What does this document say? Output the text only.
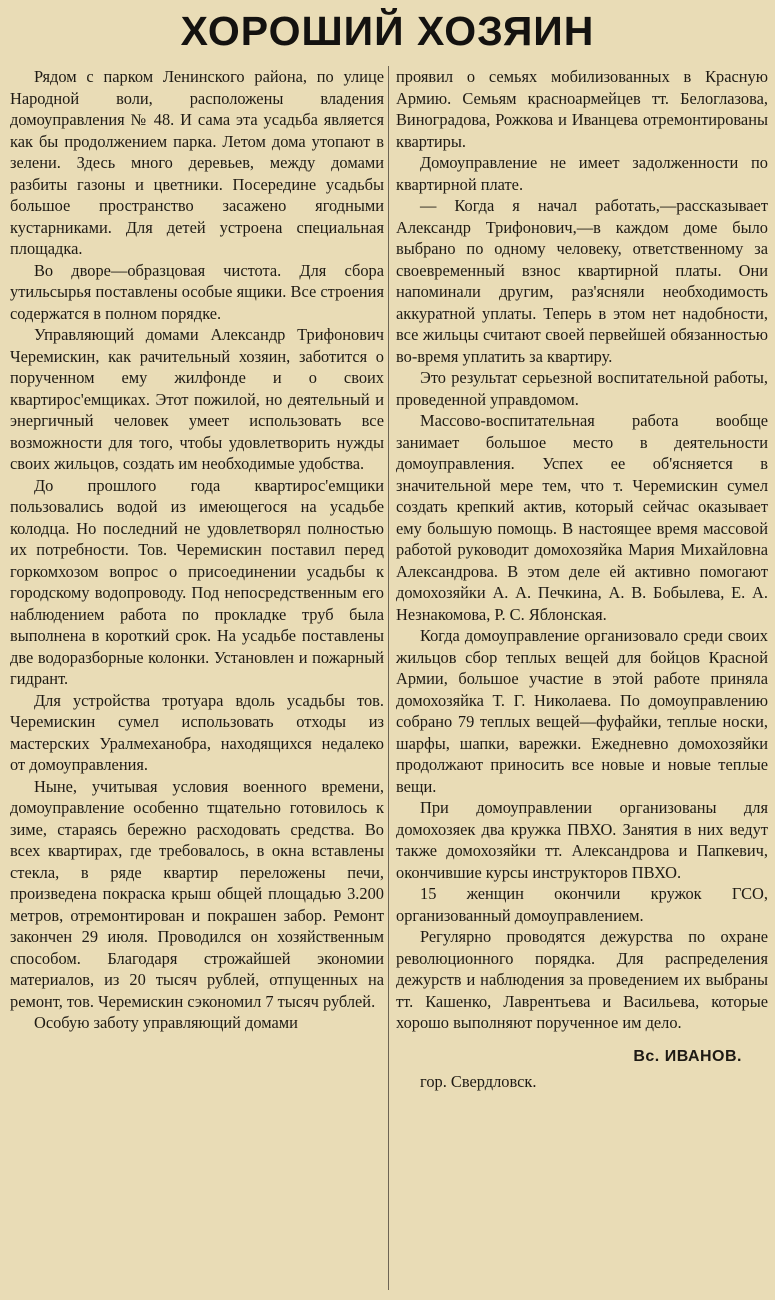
ХОРОШИЙ ХОЗЯИН

Рядом с парком Ленинского района, по улице Народной воли, расположены владения домоуправления № 48. И сама эта усадьба является как бы продолжением парка. Летом дома утопают в зелени. Здесь много деревьев, между домами разбиты газоны и цветники. Посередине усадьбы большое пространство засажено ягодными кустарниками. Для детей устроена специальная площадка.

Во дворе—образцовая чистота. Для сбора утильсырья поставлены особые ящики. Все строения содержатся в полном порядке.

Управляющий домами Александр Трифонович Черемискин, как рачительный хозяин, заботится о порученном ему жилфонде и о своих квартирос'емщиках. Этот пожилой, но деятельный и энергичный человек умеет использовать все возможности для того, чтобы удовлетворить нужды своих жильцов, создать им необходимые удобства.

До прошлого года квартирос'емщики пользовались водой из имеющегося на усадьбе колодца. Но последний не удовлетворял полностью их потребности. Тов. Черемискин поставил перед горкомхозом вопрос о присоединении усадьбы к городскому водопроводу. Под непосредственным его наблюдением работа по прокладке труб была выполнена в короткий срок. На усадьбе поставлены две водоразборные колонки. Установлен и пожарный гидрант.

Для устройства тротуара вдоль усадьбы тов. Черемискин сумел использовать отходы из мастерских Уралмеханобра, находящихся недалеко от домоуправления.

Ныне, учитывая условия военного времени, домоуправление особенно тщательно готовилось к зиме, стараясь бережно расходовать средства. Во всех квартирах, где требовалось, в окна вставлены стекла, в ряде квартир переложены печи, произведена покраска крыш общей площадью 3.200 метров, отремонтирован и покрашен забор. Ремонт закончен 29 июля. Проводился он хозяйственным способом. Благодаря строжайшей экономии материалов, из 20 тысяч рублей, отпущенных на ремонт, тов. Черемискин сэкономил 7 тысяч рублей.

Особую заботу управляющий домами

проявил о семьях мобилизованных в Красную Армию. Семьям красноармейцев тт. Белоглазова, Виноградова, Рожкова и Иванцева отремонтированы квартиры.

Домоуправление не имеет задолженности по квартирной плате.

— Когда я начал работать,—рассказывает Александр Трифонович,—в каждом доме было выбрано по одному человеку, ответственному за своевременный взнос квартирной платы. Они напоминали другим, раз'ясняли необходимость аккуратной уплаты. Теперь в этом нет надобности, все жильцы считают своей первейшей обязанностью во-время уплатить за квартиру.

Это результат серьезной воспитательной работы, проведенной управдомом.

Массово-воспитательная работа вообще занимает большое место в деятельности домоуправления. Успех ее об'ясняется в значительной мере тем, что т. Черемискин сумел создать крепкий актив, который сейчас оказывает ему большую помощь. В настоящее время массовой работой руководит домохозяйка Мария Михайловна Александрова. В этом деле ей активно помогают домохозяйки А. А. Печкина, А. В. Бобылева, Е. А. Незнакомова, Р. С. Яблонская.

Когда домоуправление организовало среди своих жильцов сбор теплых вещей для бойцов Красной Армии, большое участие в этой работе приняла домохозяйка Т. Г. Николаева. По домоуправлению собрано 79 теплых вещей—фуфайки, теплые носки, шарфы, шапки, варежки. Ежедневно домохозяйки продолжают приносить все новые и новые теплые вещи.

При домоуправлении организованы для домохозяек два кружка ПВХО. Занятия в них ведут также домохозяйки тт. Александрова и Папкевич, окончившие курсы инструкторов ПВХО.

15 женщин окончили кружок ГСО, организованный домоуправлением.

Регулярно проводятся дежурства по охране революционного порядка. Для распределения дежурств и наблюдения за проведением их выбраны тт. Кашенко, Лаврентьева и Васильева, которые хорошо выполняют порученное им дело.

Вс. ИВАНОВ.
гор. Свердловск.
